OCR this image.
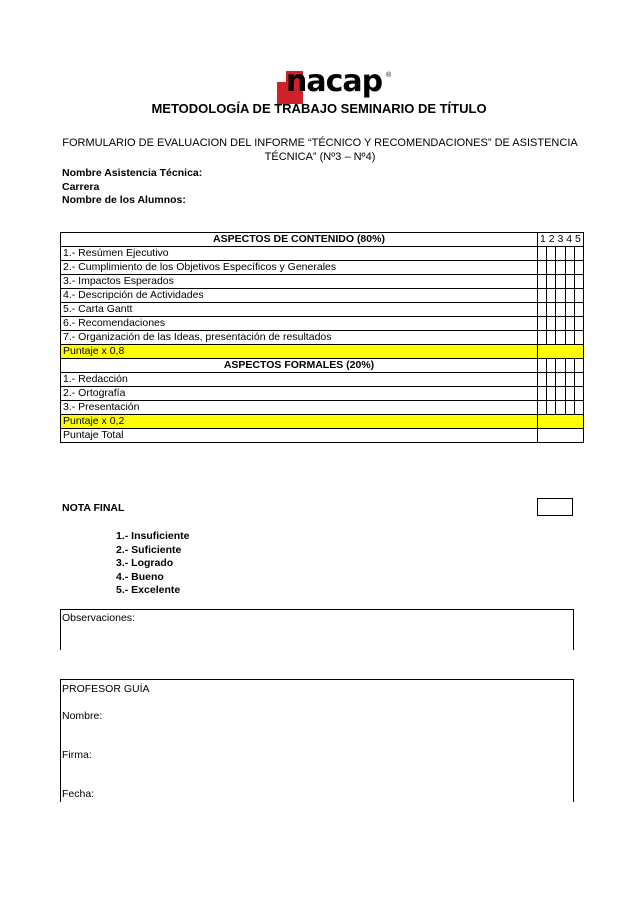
nacap ®
METODOLOGÍA DE TRABAJO SEMINARIO DE TÍTULO
FORMULARIO DE EVALUACION DEL INFORME “TÉCNICO Y RECOMENDACIONES” DE ASISTENCIA TÉCNICA” (Nº3 – Nº4)
Nombre Asistencia Técnica:
Carrera
Nombre de los Alumnos:
ASPECTOS DE CONTENIDO (80%)	1 2 3 4 5				
1.- Resúmen Ejecutivo					
2.- Cumplimiento de los Objetivos Específicos y Generales					
3.- Impactos Esperados					
4.- Descripción de Actividades					
5.- Carta Gantt					
6.- Recomendaciones					
7.- Organización de las Ideas, presentación de resultados					
Puntaje x 0,8					
ASPECTOS FORMALES (20%)					
1.- Redacción					
2.- Ortografía					
3.- Presentación					
Puntaje x 0,2					
Puntaje Total					
NOTA FINAL
1.- Insuficiente
2.- Suficiente
3.- Logrado
4.- Bueno
5.- Excelente
Observaciones:
PROFESOR GUÍA
Nombre:
Firma:
Fecha:
